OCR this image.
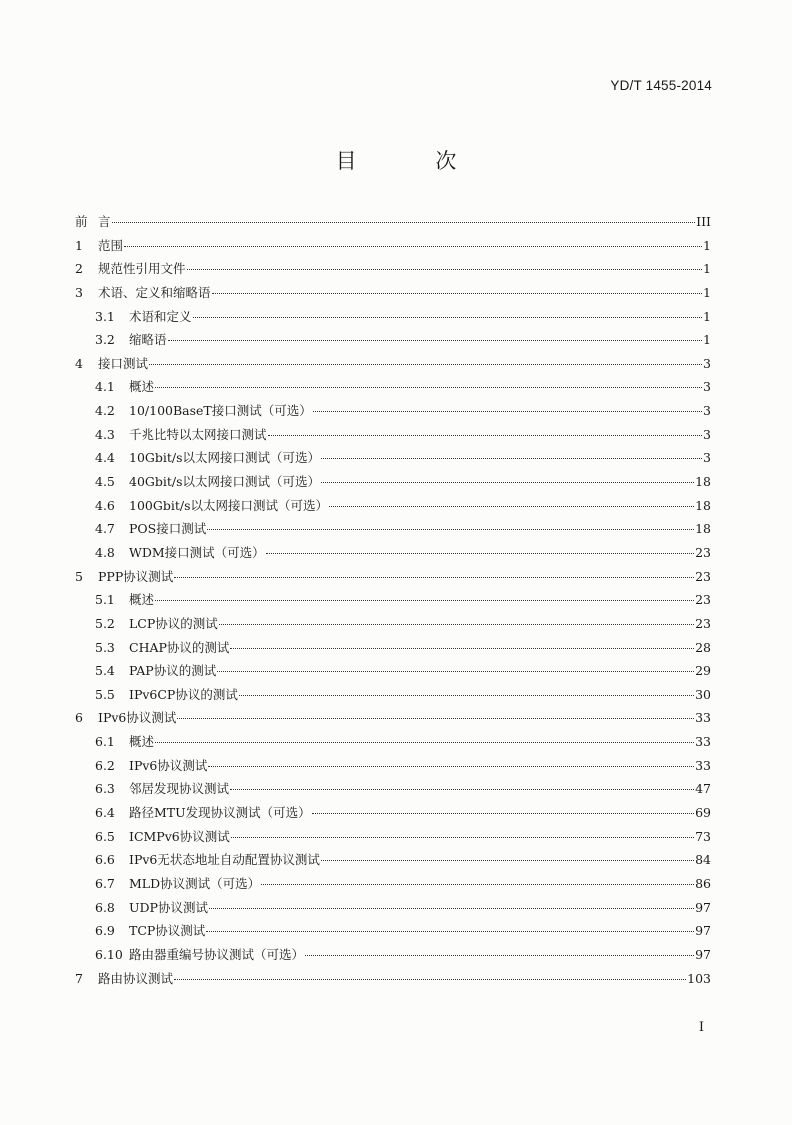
YD/T 1455-2014
目 次
前 言	III
1	范围	1
2	规范性引用文件	1
3	术语、定义和缩略语	1
3.1	术语和定义	1
3.2	缩略语	1
4	接口测试	3
4.1	概述	3
4.2	10/100BaseT接口测试（可选）	3
4.3	千兆比特以太网接口测试	3
4.4	10Gbit/s以太网接口测试（可选）	3
4.5	40Gbit/s以太网接口测试（可选）	18
4.6	100Gbit/s以太网接口测试（可选）	18
4.7	POS接口测试	18
4.8	WDM接口测试（可选）	23
5	PPP协议测试	23
5.1	概述	23
5.2	LCP协议的测试	23
5.3	CHAP协议的测试	28
5.4	PAP协议的测试	29
5.5	IPv6CP协议的测试	30
6	IPv6协议测试	33
6.1	概述	33
6.2	IPv6协议测试	33
6.3	邻居发现协议测试	47
6.4	路径MTU发现协议测试（可选）	69
6.5	ICMPv6协议测试	73
6.6	IPv6无状态地址自动配置协议测试	84
6.7	MLD协议测试（可选）	86
6.8	UDP协议测试	97
6.9	TCP协议测试	97
6.10 路由器重编号协议测试（可选）	97
7	路由协议测试	103
I
